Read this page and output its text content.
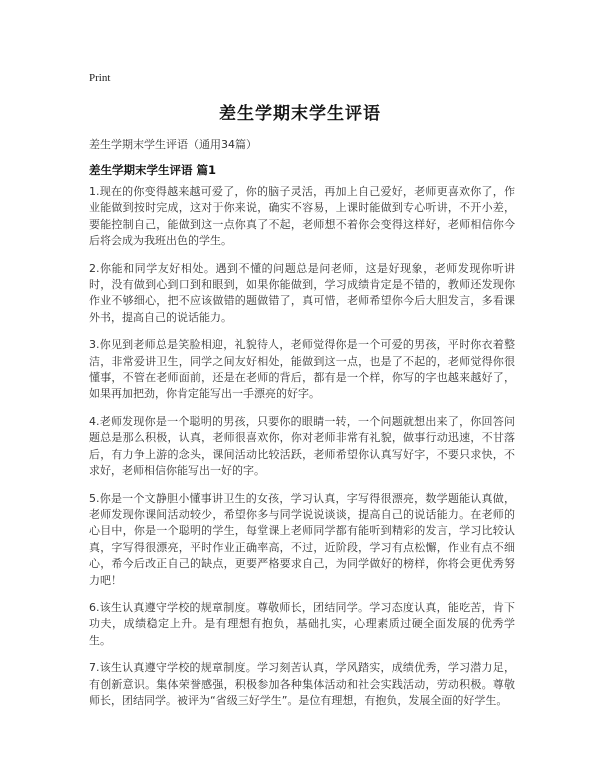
Print
差生学期末学生评语
差生学期末学生评语（通用34篇）
差生学期末学生评语 篇1

1.现在的你变得越来越可爱了，你的脑子灵活，再加上自己爱好，老师更喜欢你了，作业能做到按时完成，这对于你来说，确实不容易，上课时能做到专心听讲，不开小差，要能控制自己，能做到这一点你真了不起，老师想不着你会变得这样好，老师相信你今后将会成为我班出色的学生。

2.你能和同学友好相处。遇到不懂的问题总是问老师，这是好现象，老师发现你听讲时，没有做到心到口到和眼到，如果你能做到，学习成绩肯定是不错的，教师还发现你作业不够细心，把不应该做错的题做错了，真可惜，老师希望你今后大胆发言，多看课外书，提高自己的说话能力。

3.你见到老师总是笑脸相迎，礼貌待人，老师觉得你是一个可爱的男孩，平时你衣着整洁，非常爱讲卫生，同学之间友好相处，能做到这一点，也是了不起的，老师觉得你很懂事，不管在老师面前，还是在老师的背后，都有是一个样，你写的字也越来越好了，如果再加把劲，你肯定能写出一手漂亮的好字。

4.老师发现你是一个聪明的男孩，只要你的眼睛一转，一个问题就想出来了，你回答问题总是那么积极，认真，老师很喜欢你，你对老师非常有礼貌，做事行动迅速，不甘落后，有力争上游的念头，课间活动比较活跃，老师希望你认真写好字，不要只求快，不求好，老师相信你能写出一好的字。

5.你是一个文静胆小懂事讲卫生的女孩，学习认真，字写得很漂亮，数学题能认真做，老师发现你课间活动较少，希望你多与同学说说谈谈，提高自己的说话能力。在老师的心目中，你是一个聪明的学生，每堂课上老师同学都有能听到精彩的发言，学习比较认真，字写得很漂亮，平时作业正确率高，不过，近阶段，学习有点松懈，作业有点不细心，希今后改正自己的缺点，更要严格要求自己，为同学做好的榜样，你将会更优秀努力吧！

6.该生认真遵守学校的规章制度。尊敬师长，团结同学。学习态度认真，能吃苦，肯下功夫，成绩稳定上升。是有理想有抱负，基础扎实，心理素质过硬全面发展的优秀学生。

7.该生认真遵守学校的规章制度。学习刻苦认真，学风踏实，成绩优秀，学习潜力足，有创新意识。集体荣誉感强，积极参加各种集体活动和社会实践活动，劳动积极。尊敬师长，团结同学。被评为“省级三好学生”。是位有理想，有抱负，发展全面的好学生。
